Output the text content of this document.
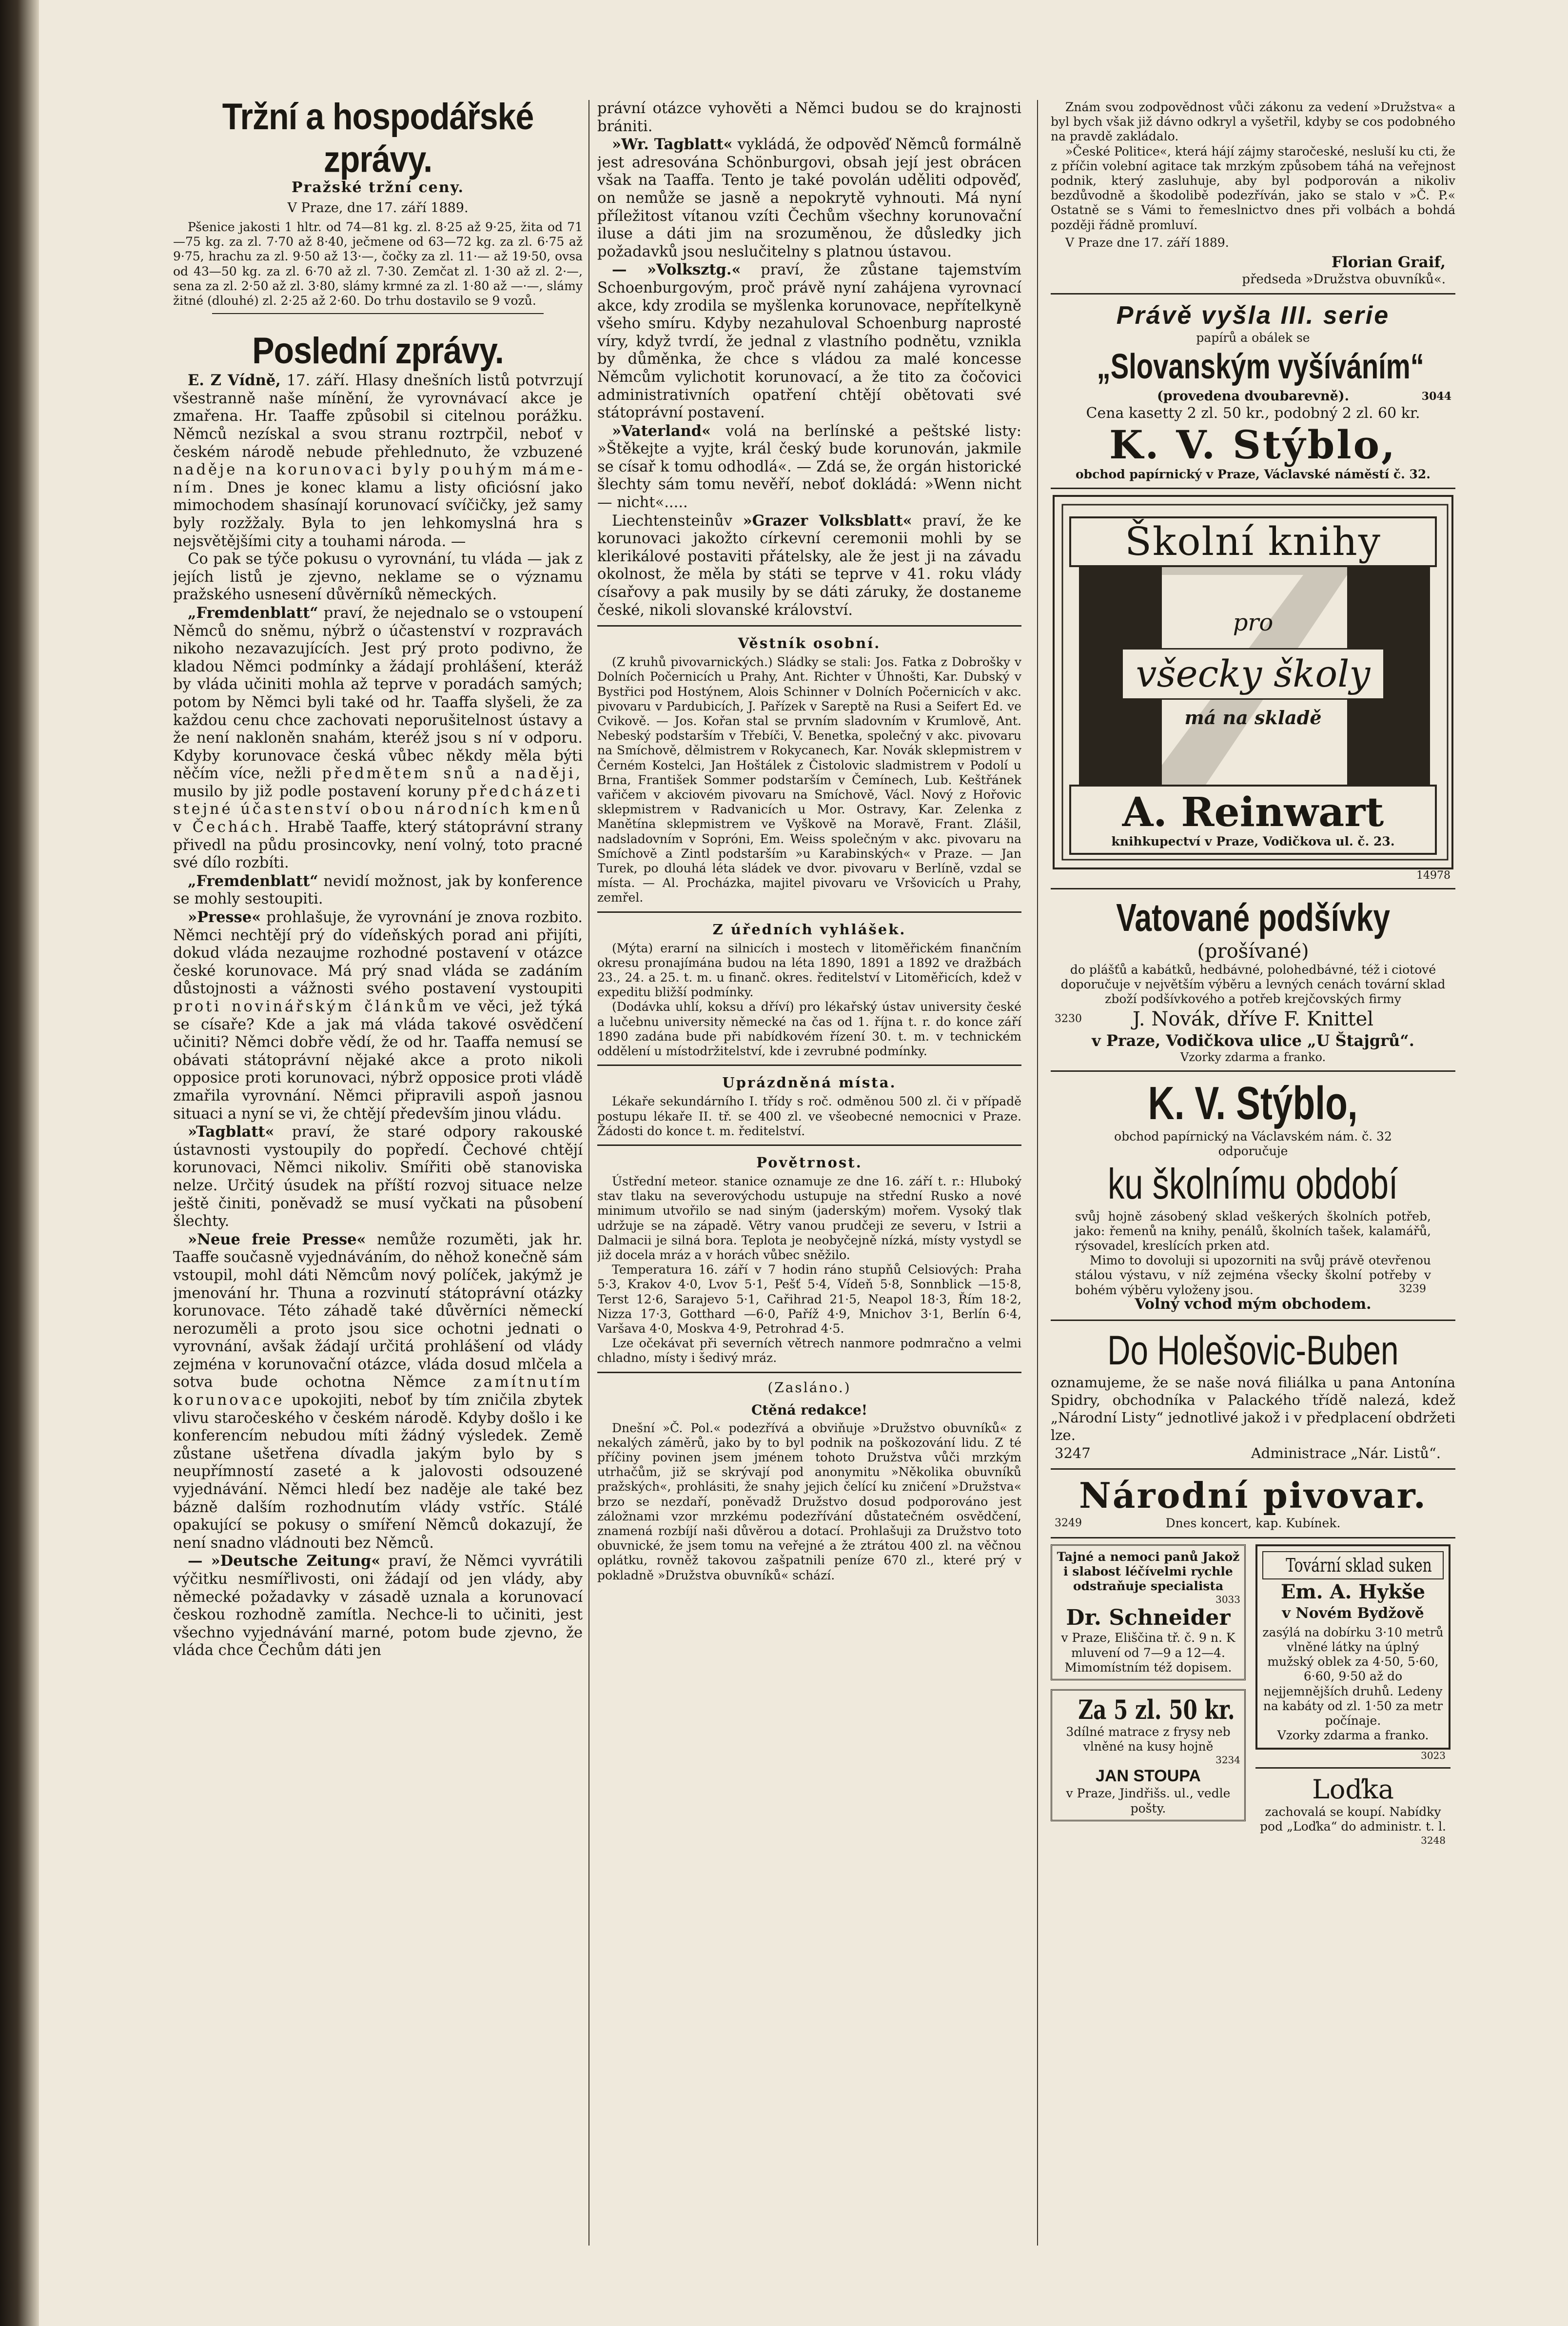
Tržní a hospodářské zprávy.
Pražské tržní ceny.
V Praze, dne 17. září 1889.

Pšenice jakosti 1 hltr. od 74—81 kg. zl. 8·25 až 9·25, žita od 71—75 kg. za zl. 7·70 až 8·40, ječmene od 63—72 kg. za zl. 6·75 až 9·75, hrachu za zl. 9·50 až 13·—, čočky za zl. 11·— až 19·50, ovsa od 43—50 kg. za zl. 6·70 až zl. 7·30. Zemčat zl. 1·30 až zl. 2·—, sena za zl. 2·50 až zl. 3·80, slámy krmné za zl. 1·80 až —·—, slámy žitné (dlouhé) zl. 2·25 až 2·60. Do trhu dostavilo se 9 vozů.

Poslední zprávy.

E. Z Vídně, 17. září. Hlasy dnešních listů potvrzují všestranně naše mínění, že vyrovnávací akce je zmařena. Hr. Taaffe způsobil si citelnou porážku. Němců nezískal a svou stranu roztrpčil, neboť v českém národě nebude přehlednuto, že vzbuzené naděje na korunovaci byly pouhým mámením. Dnes je konec klamu a listy oficiósní jako mimochodem shasínají korunovací svíčičky, jež samy byly rozžžaly. Byla to jen lehkomyslná hra s nejsvětějšími city a touhami národa. —

Co pak se týče pokusu o vyrovnání, tu vláda — jak z jejích listů je zjevno, neklame se o významu pražského usnesení důvěrníků německých.

„Fremdenblatt“ praví, že nejednalo se o vstoupení Němců do sněmu, nýbrž o účastenství v rozpravách nikoho nezavazujících. Jest prý proto podivno, že kladou Němci podmínky a žádají prohlášení, kteráž by vláda učiniti mohla až teprve v poradách samých; potom by Němci byli také od hr. Taaffa slyšeli, že za každou cenu chce zachovati neporušitelnost ústavy a že není nakloněn snahám, kteréž jsou s ní v odporu. Kdyby korunovace česká vůbec někdy měla býti něčím více, nežli předmětem snů a naději, musilo by již podle postavení koruny předcházeti stejné účastenství obou národních kmenů v Čechách. Hrabě Taaffe, který státoprávní strany přivedl na půdu prosincovky, není volný, toto pracné své dílo rozbíti.

„Fremdenblatt“ nevidí možnost, jak by konference se mohly sestoupiti.

»Presse« prohlašuje, že vyrovnání je znova rozbito. Němci nechtějí prý do vídeňských porad ani přijíti, dokud vláda nezaujme rozhodné postavení v otázce české korunovace. Má prý snad vláda se zadáním důstojnosti a vážnosti svého postavení vystoupiti proti novinářským článkům ve věci, jež týká se císaře? Kde a jak má vláda takové osvědčení učiniti? Němci dobře vědí, že od hr. Taaffa nemusí se obávati státoprávní nějaké akce a proto nikoli opposice proti korunovaci, nýbrž opposice proti vládě zmařila vyrovnání. Němci připravili aspoň jasnou situaci a nyní se vi, že chtějí především jinou vládu.

»Tagblatt« praví, že staré odpory rakouské ústavnosti vystoupily do popředí. Čechové chtějí korunovaci, Němci nikoliv. Smířiti obě stanoviska nelze. Určitý úsudek na příští rozvoj situace nelze ještě činiti, poněvadž se musí vyčkati na působení šlechty.

»Neue freie Presse« nemůže rozuměti, jak hr. Taaffe současně vyjednáváním, do něhož konečně sám vstoupil, mohl dáti Němcům nový políček, jakýmž je jmenování hr. Thuna a rozvinutí státoprávní otázky korunovace. Této záhadě také důvěrníci německí nerozuměli a proto jsou sice ochotni jednati o vyrovnání, avšak žádají určitá prohlášení od vlády zejména v korunovační otázce, vláda dosud mlčela a sotva bude ochotna Němce zamítnutím korunovace upokojiti, neboť by tím zničila zbytek vlivu staročeského v českém národě. Kdyby došlo i ke konferencím nebudou míti žádný výsledek. Země zůstane ušetřena dívadla jakým bylo by s neupřímností zaseté a k jalovosti odsouzené vyjednávání. Němci hledí bez naděje ale také bez bázně dalším rozhodnutím vlády vstříc. Stálé opakující se pokusy o smíření Němců dokazují, že není snadno vládnouti bez Němců.

— »Deutsche Zeitung« praví, že Němci vyvrátili výčitku nesmířlivosti, oni žádají od jen vlády, aby německé požadavky v zásadě uznala a korunovací českou rozhodně zamítla. Nechce-li to učiniti, jest všechno vyjednávání marné, potom bude zjevno, že vláda chce Čechům dáti jen

právní otázce vyhověti a Němci budou se do krajnosti brániti.

»Wr. Tagblatt« vykládá, že odpověď Němců formálně jest adresována Schönburgovi, obsah její jest obrácen však na Taaffa. Tento je také povolán uděliti odpověď, on nemůže se jasně a nepokrytě vyhnouti. Má nyní příležitost vítanou vzíti Čechům všechny korunovační iluse a dáti jim na srozuměnou, že důsledky jich požadavků jsou neslučitelny s platnou ústavou.

— »Volksztg.« praví, že zůstane tajemstvím Schoenburgovým, proč právě nyní zahájena vyrovnací akce, kdy zrodila se myšlenka korunovace, nepřítelkyně všeho smíru. Kdyby nezahuloval Schoenburg naprosté víry, když tvrdí, že jednal z vlastního podnětu, vznikla by důměnka, že chce s vládou za malé koncesse Němcům vylichotit korunovací, a že tito za čočovici administrativních opatření chtějí obětovati své státoprávní postavení.

»Vaterland« volá na berlínské a peštské listy: »Štěkejte a vyjte, král český bude korunován, jakmile se císař k tomu odhodlá«. — Zdá se, že orgán historické šlechty sám tomu nevěří, neboť dokládá: »Wenn nicht — nicht«.....

Liechtensteinův »Grazer Volksblatt« praví, že ke korunovaci jakožto církevní ceremonii mohli by se klerikálové postaviti přátelsky, ale že jest ji na závadu okolnost, že měla by státi se teprve v 41. roku vlády císařovy a pak musily by se dáti záruky, že dostaneme české, nikoli slovanské království.

Věstník osobní.

(Z kruhů pivovarnických.) Sládky se stali: Jos. Fatka z Dobrošky v Dolních Počernicích u Prahy, Ant. Richter v Úhnošti, Kar. Dubský v Bystřici pod Hostýnem, Alois Schinner v Dolních Počernicích v akc. pivovaru v Pardubicích, J. Pařízek v Sareptě na Rusi a Seifert Ed. ve Cvikově. — Jos. Kořan stal se prvním sladovním v Krumlově, Ant. Nebeský podstarším v Třebíči, V. Benetka, společný v akc. pivovaru na Smíchově, dělmistrem v Rokycanech, Kar. Novák sklepmistrem v Černém Kostelci, Jan Hoštálek z Čistoloviс sladmistrem v Podolí u Brna, František Sommer podstarším v Čemínech, Lub. Keštřánek vařičem v akciovém pivovaru na Smíchově, Václ. Nový z Hořovic sklepmistrem v Radvanicích u Mor. Ostravy, Kar. Zelenka z Manětína sklepmistrem ve Vyškově na Moravě, Frant. Zlášil, nadsladovním v Sopróni, Em. Weiss společným v akc. pivovaru na Smíchově a Zintl podstarším »u Karabinských« v Praze. — Jan Turek, po dlouhá léta sládek ve dvor. pivovaru v Berlíně, vzdal se místa. — Al. Procházka, majitel pivovaru ve Vršovicích u Prahy, zemřel.

Z úředních vyhlášek.

(Mýta) erarní na silnicích i mostech v litoměřickém finančním okresu pronajímána budou na léta 1890, 1891 a 1892 ve dražbách 23., 24. a 25. t. m. u finanč. okres. ředitelství v Litoměřicích, kdež v expeditu bližší podmínky.

(Dodávka uhlí, koksu a dříví) pro lékařský ústav university české a lučebnu university německé na čas od 1. října t. r. do konce září 1890 zadána bude při nabídkovém řízení 30. t. m. v technickém oddělení u místodržitelství, kde i zevrubné podmínky.

Uprázdněná místa.

Lékaře sekundárního I. třídy s roč. odměnou 500 zl. či v případě postupu lékaře II. tř. se 400 zl. ve všeobecné nemocnici v Praze. Žádosti do konce t. m. ředitelství.

Povětrnost.

Ústřední meteor. stanice oznamuje ze dne 16. září t. r.: Hluboký stav tlaku na severovýchodu ustupuje na střední Rusko a nové minimum utvořilo se nad siným (jaderským) mořem. Vysoký tlak udržuje se na západě. Větry vanou prudčeji ze severu, v Istrii a Dalmacii je silná bora. Teplota je neobyčejně nízká, místy vystydl se již docela mráz a v horách vůbec sněžilo.

Temperatura 16. září v 7 hodin ráno stupňů Celsiových: Praha 5·3, Krakov 4·0, Lvov 5·1, Pešť 5·4, Vídeň 5·8, Sonnblick —15·8, Terst 12·6, Sarajevo 5·1, Cařihrad 21·5, Neapol 18·3, Řím 18·2, Nizza 17·3, Gotthard —6·0, Paříž 4·9, Mnichov 3·1, Berlín 6·4, Varšava 4·0, Moskva 4·9, Petrohrad 4·5.

Lze očekávat při severních větrech nanmore podmračno a velmi chladno, místy i šedivý mráz.

(Zasláno.)
Ctěná redakce!

Dnešní »Č. Pol.« podezřívá a obviňuje »Družstvo obuvníků« z nekalých záměrů, jako by to byl podnik na poškozování lidu. Z té příčiny povinen jsem jménem tohoto Družstva vůči mrzkým utrhačům, již se skrývají pod anonymitu »Několika obuvníků pražských«, prohlásiti, že snahy jejich čelící ku zničení »Družstva« brzo se nezdaří, poněvadž Družstvo dosud podporováno jest záložnami vzor mrzkému podezřívání důstatečném osvědčení, znamená rozbíjí naši důvěrou a dotací. Prohlašuji za Družstvo toto obuvnické, že jsem tomu na veřejné a že ztrátou 400 zl. na věčnou oplátku, rovněž takovou zašpatnili peníze 670 zl., které prý v pokladně »Družstva obuvníků« schází.

Znám svou zodpovědnost vůči zákonu za vedení »Družstva« a byl bych však již dávno odkryl a vyšetřil, kdyby se cos podobného na pravdě zakládalo.

»České Politice«, která hájí zájmy staročeské, nesluší ku cti, že z příčin volební agitace tak mrzkým způsobem táhá na veřejnost podnik, který zasluhuje, aby byl podporován a nikoliv bezdůvodně a škodolibě podezříván, jako se stalo v »Č. P.« Ostatně se s Vámi to řemeslnictvo dnes při volbách a bohdá později řádně promluví.

V Praze dne 17. září 1889.

Florian Graif,
předseda »Družstva obuvníků«.
Právě vyšla III. serie
papírů a obálek se
„Slovanským vyšíváním“
(provedena dvoubarevně).	3044
Cena kasetty 2 zl. 50 kr., podobný 2 zl. 60 kr.
K. V. Stýblo,
obchod papírnický v Praze, Václavské náměstí č. 32.
Školní knihy
pro
všecky školy
má na skladě
A. Reinwart
knihkupectví v Praze, Vodičkova ul. č. 23.
14978
Vatované podšívky
(prošívané)

do plášťů a kabátků, hedbávné, polohedbávné, též i ciotové doporučuje v největším výběru a levných cenách tovární sklad zboží podšívkového a potřeb krejčovských firmy

3230	J. Novák, dříve F. Knittel
v Praze, Vodičkova ulice „U Štajgrů“.
Vzorky zdarma a franko.
K. V. Stýblo,
obchod papírnický na Václavském nám. č. 32
odporučuje
ku školnímu období

svůj hojně zásobený sklad veškerých školních potřeb, jako: řemenů na knihy, penálů, školních tašek, kalamářů, rýsovadel, kreslících prken atd.

Mimo to dovoluji si upozorniti na svůj právě otevřenou stálou výstavu, v níž zejména všecky školní potřeby v bohém výběru vyloženy jsou.	3239
Volný vchod mým obchodem.
Do Holešovic-Buben

oznamujeme, že se naše nová filiálka u pana Antonína Spidry, obchodníka v Palackého třídě nalezá, kdež „Národní Listy“ jednotlivé jakož i v předplacení obdržeti lze.

3247	Administrace „Nár. Listů“.
Národní pivovar.
3249	Dnes koncert, kap. Kubínek.

Tajné a nemoci panů Jakož i slabost léčívelmi rychle odstraňuje specialista

3033
Dr. Schneider

v Praze, Eliščina tř. č. 9 n. K mluvení od 7—9 a 12—4. Mimomístním též dopisem.

Za 5 zl. 50 kr.

3dílné matrace z frysy neb vlněné na kusy hojně

3234
JAN STOUPA

v Praze, Jindřišs. ul., vedle pošty.

Tovární sklad suken
Em. A. Hykše
v Novém Bydžově

zasýlá na dobírku 3·10 metrů vlněné látky na úplný mužský oblek za 4·50, 5·60, 6·60, 9·50 až do nejjemnějších druhů. Ledeny na kabáty od zl. 1·50 za metr počínaje.

Vzorky zdarma a franko.
3023
Loďka

zachovalá se koupí. Nabídky pod „Loďka“ do administr. t. l.

3248
